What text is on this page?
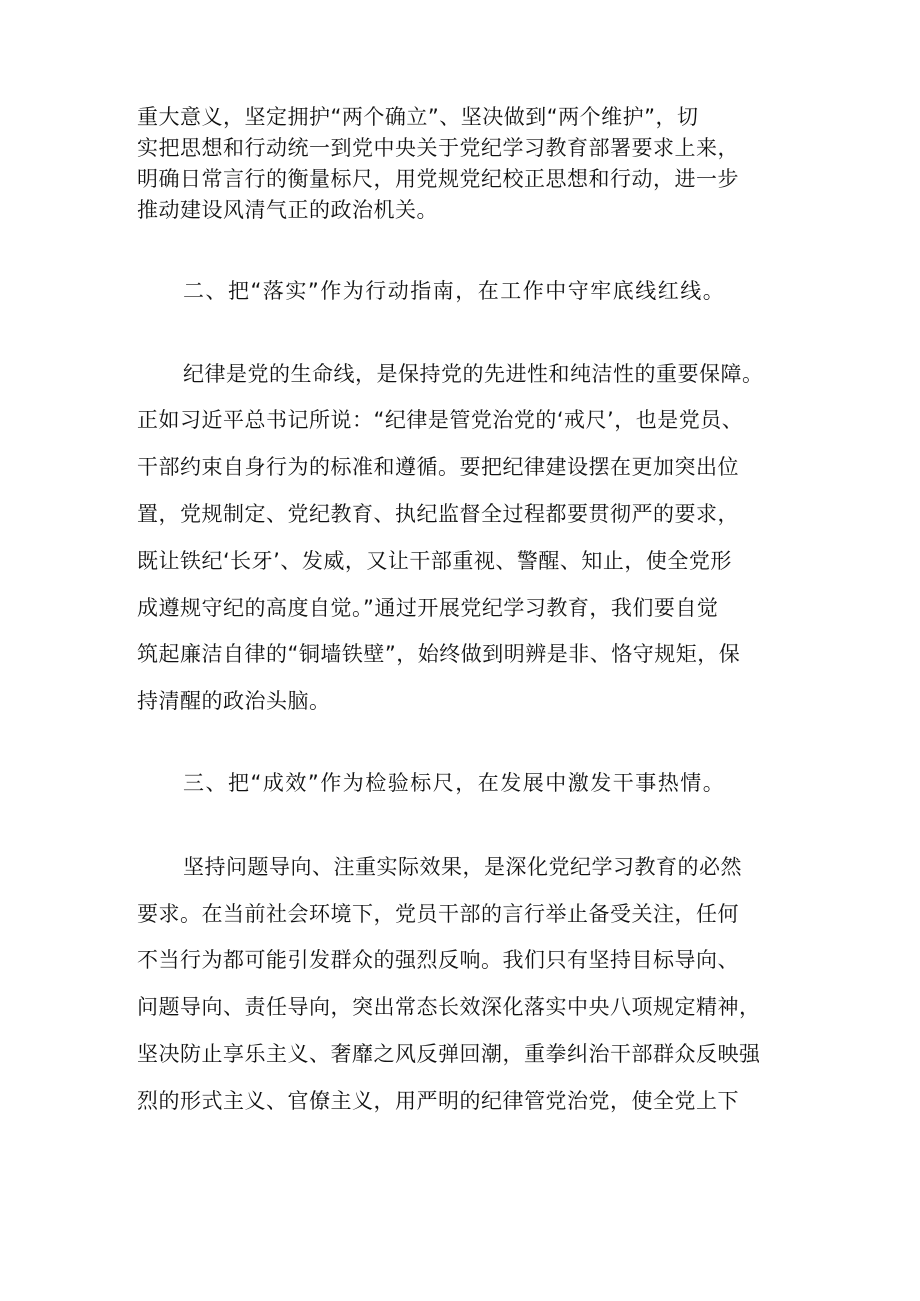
重大意义，坚定拥护“两个确立”、坚决做到“两个维护”，切
实把思想和行动统一到党中央关于党纪学习教育部署要求上来，
明确日常言行的衡量标尺，用党规党纪校正思想和行动，进一步
推动建设风清气正的政治机关。
二、把“落实”作为行动指南，在工作中守牢底线红线。
纪律是党的生命线，是保持党的先进性和纯洁性的重要保障。
正如习近平总书记所说：“纪律是管党治党的‘戒尺’，也是党员、
干部约束自身行为的标准和遵循。要把纪律建设摆在更加突出位
置，党规制定、党纪教育、执纪监督全过程都要贯彻严的要求，
既让铁纪‘长牙’、发威，又让干部重视、警醒、知止，使全党形
成遵规守纪的高度自觉。”通过开展党纪学习教育，我们要自觉
筑起廉洁自律的“铜墙铁壁”，始终做到明辨是非、恪守规矩，保
持清醒的政治头脑。
三、把“成效”作为检验标尺，在发展中激发干事热情。
坚持问题导向、注重实际效果，是深化党纪学习教育的必然
要求。在当前社会环境下，党员干部的言行举止备受关注，任何
不当行为都可能引发群众的强烈反响。我们只有坚持目标导向、
问题导向、责任导向，突出常态长效深化落实中央八项规定精神，
坚决防止享乐主义、奢靡之风反弹回潮，重拳纠治干部群众反映强
烈的形式主义、官僚主义，用严明的纪律管党治党，使全党上下
